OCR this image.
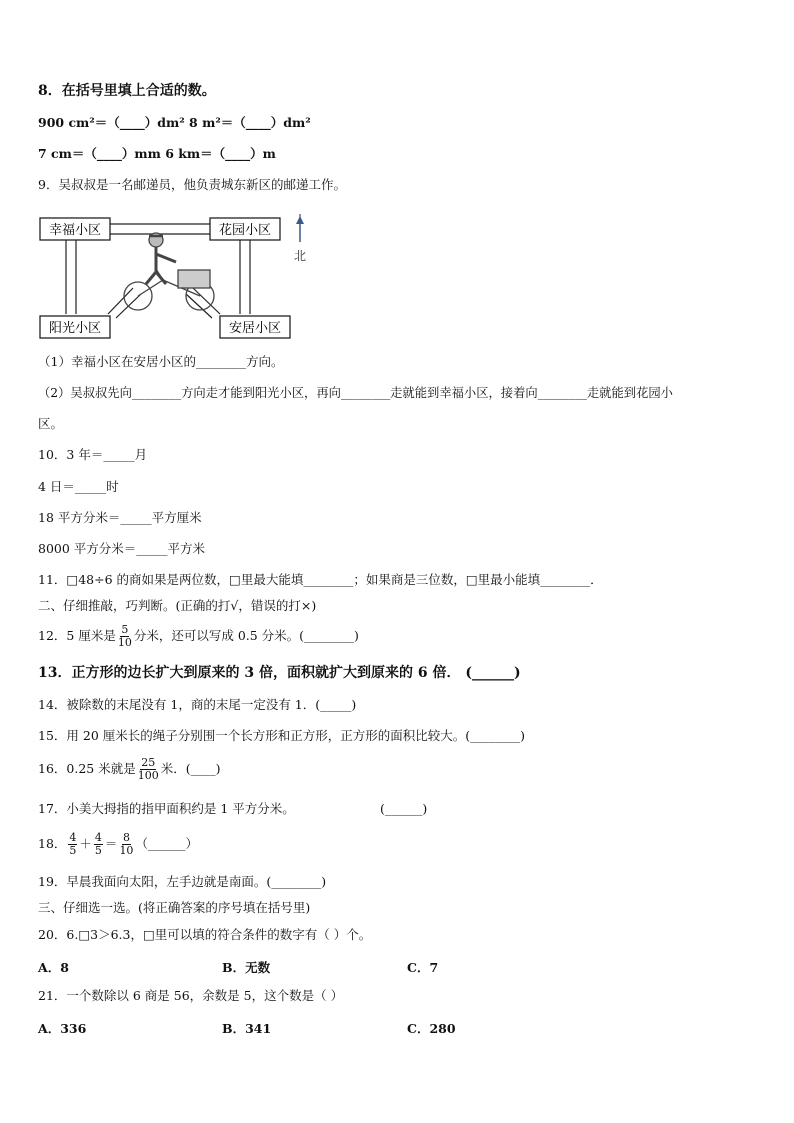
8．在括号里填上合适的数。
900 cm²＝（____）dm² 8 m²＝（____）dm²
7 cm＝（____）mm 6 km＝（____）m
9．吴叔叔是一名邮递员，他负责城东新区的邮递工作。
幸福小区	花园小区
阳光小区	安居小区
北
（1）幸福小区在安居小区的________方向。
（2）吴叔叔先向________方向走才能到阳光小区，再向________走就能到幸福小区，接着向________走就能到花园小
区。
10．3 年＝_____月
4 日＝_____时
18 平方分米＝_____平方厘米
8000 平方分米＝_____平方米
11．□48÷6 的商如果是两位数，□里最大能填________；如果商是三位数，□里最小能填________．
二、仔细推敲，巧判断。(正确的打√，错误的打×)
12．5 厘米是 $\frac{5}{10}$ 分米，还可以写成 0.5 分米。(________)
13．正方形的边长扩大到原来的 3 倍，面积就扩大到原来的 6 倍． (______)
14．被除数的末尾没有 1，商的末尾一定没有 1．(_____)
15．用 20 厘米长的绳子分别围一个长方形和正方形，正方形的面积比较大。(________)
16．0.25 米就是 $\frac{25}{100}$ 米．(____)
17．小美大拇指的指甲面积约是 1 平方分米。	(______)
18． $\frac{4}{5} + \frac{4}{5} = \frac{8}{10}$ （______）
19．早晨我面向太阳，左手边就是南面。(________)
三、仔细选一选。(将正确答案的序号填在括号里)
20．6.□3＞6.3，□里可以填的符合条件的数字有（ ）个。
A．8	B．无数	C．7
21．一个数除以 6 商是 56，余数是 5，这个数是（ ）
A．336	B．341	C．280
